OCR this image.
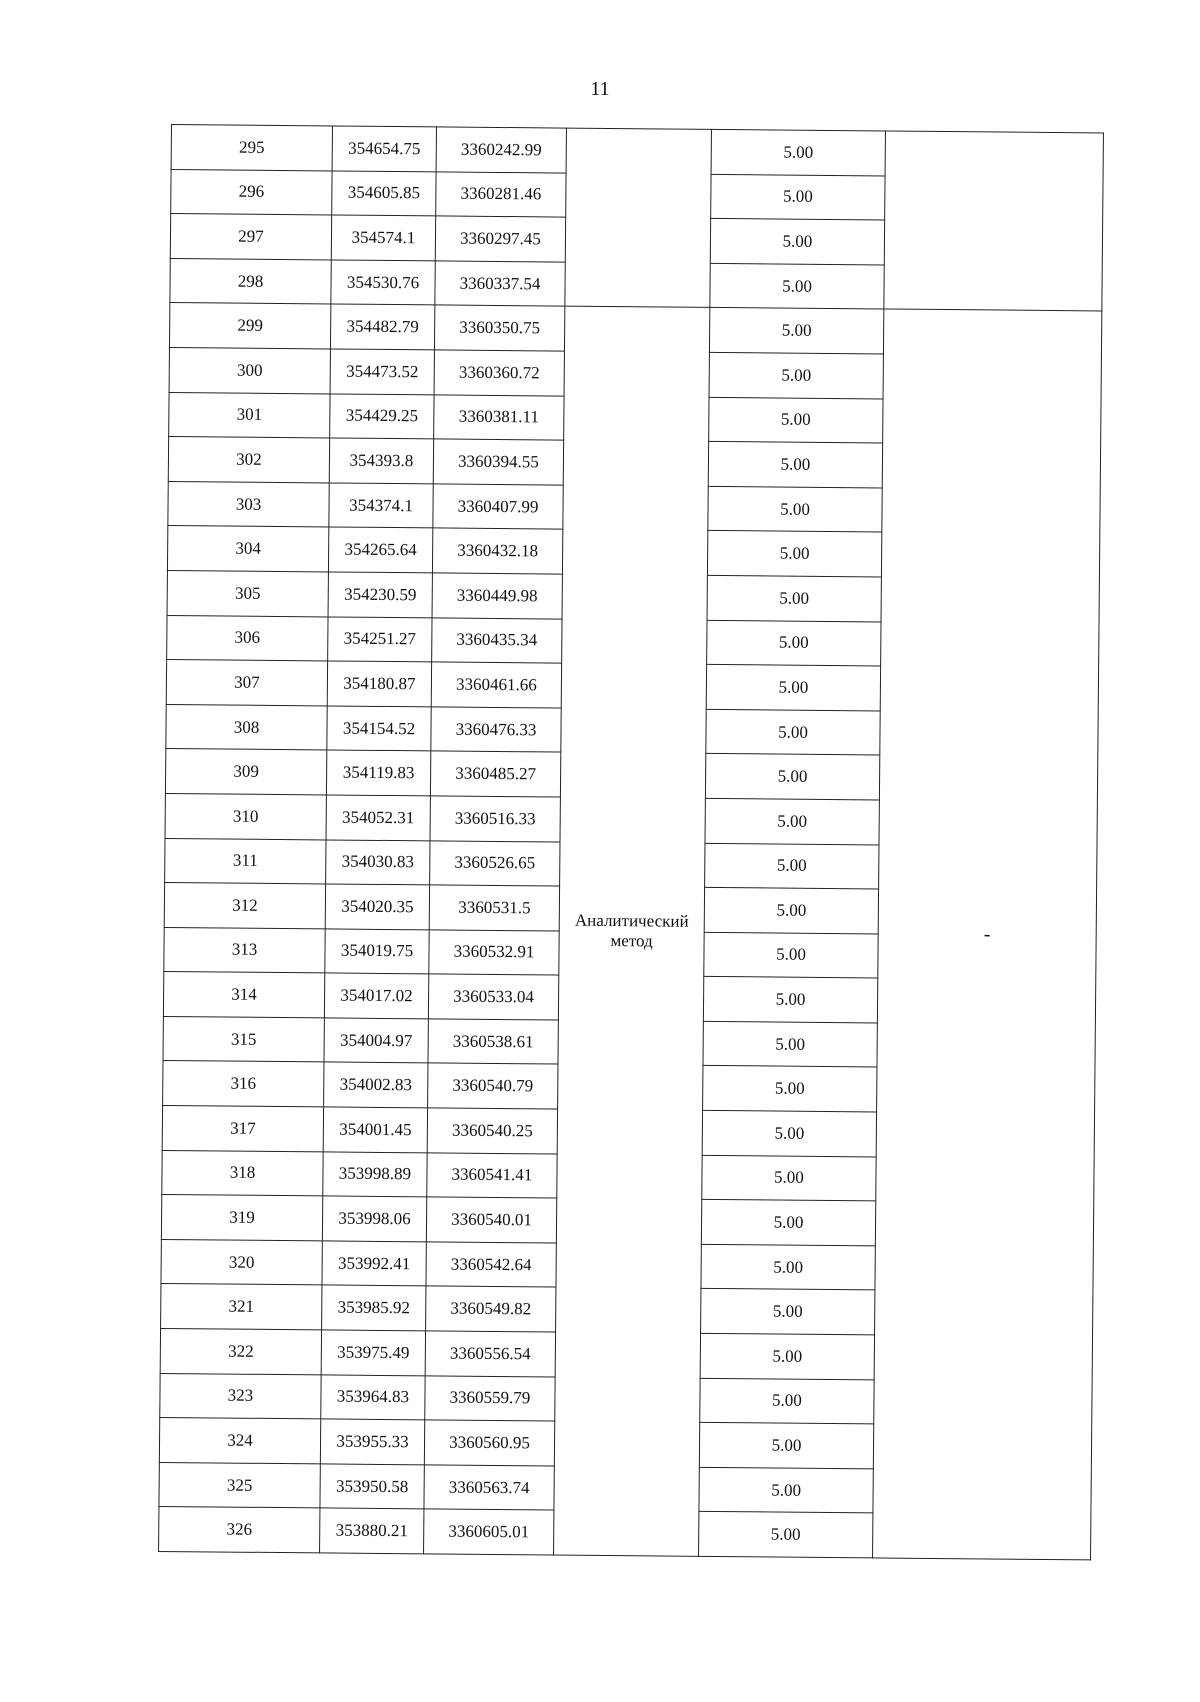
11
295	354654.75	3360242.99		5.00	
296	354605.85	3360281.46		5.00	
297	354574.1	3360297.45		5.00	
298	354530.76	3360337.54		5.00	
299	354482.79	3360350.75	Аналитический метод	5.00	-
300	354473.52	3360360.72		5.00	
301	354429.25	3360381.11		5.00	
302	354393.8	3360394.55		5.00	
303	354374.1	3360407.99		5.00	
304	354265.64	3360432.18		5.00	
305	354230.59	3360449.98		5.00	
306	354251.27	3360435.34		5.00	
307	354180.87	3360461.66		5.00	
308	354154.52	3360476.33		5.00	
309	354119.83	3360485.27		5.00	
310	354052.31	3360516.33		5.00	
311	354030.83	3360526.65		5.00	
312	354020.35	3360531.5		5.00	
313	354019.75	3360532.91		5.00	
314	354017.02	3360533.04		5.00	
315	354004.97	3360538.61		5.00	
316	354002.83	3360540.79		5.00	
317	354001.45	3360540.25		5.00	
318	353998.89	3360541.41		5.00	
319	353998.06	3360540.01		5.00	
320	353992.41	3360542.64		5.00	
321	353985.92	3360549.82		5.00	
322	353975.49	3360556.54		5.00	
323	353964.83	3360559.79		5.00	
324	353955.33	3360560.95		5.00	
325	353950.58	3360563.74		5.00	
326	353880.21	3360605.01		5.00	
